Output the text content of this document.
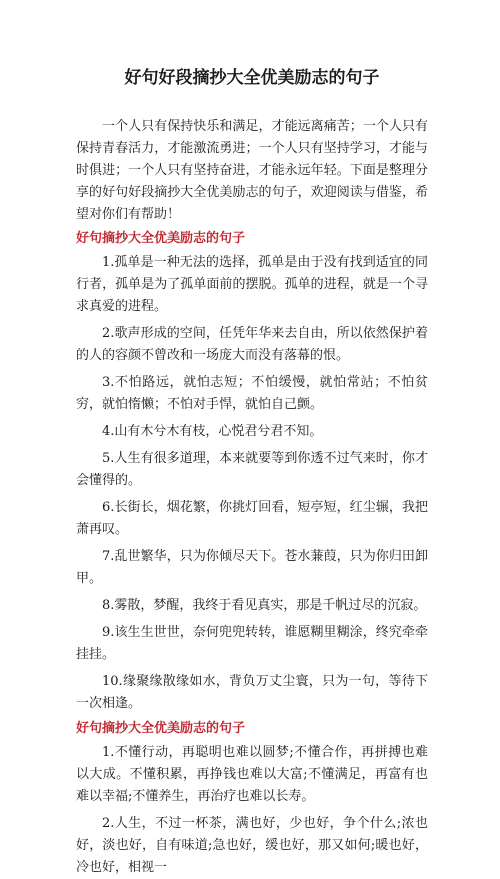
好句好段摘抄大全优美励志的句子

一个人只有保持快乐和满足，才能远离痛苦；一个人只有保持青春活力，才能激流勇进；一个人只有坚持学习，才能与时俱进；一个人只有坚持奋进，才能永远年轻。下面是整理分享的好句好段摘抄大全优美励志的句子，欢迎阅读与借鉴，希望对你们有帮助！

好句摘抄大全优美励志的句子

1.孤单是一种无法的选择，孤单是由于没有找到适宜的同行者，孤单是为了孤单面前的摆脱。孤单的进程，就是一个寻求真爱的进程。

2.歌声形成的空间，任凭年华来去自由，所以依然保护着的人的容颜不曾改和一场庞大而没有落幕的恨。

3.不怕路远，就怕志短；不怕缓慢，就怕常站；不怕贫穷，就怕惰懒；不怕对手悍，就怕自己颤。

4.山有木兮木有枝，心悦君兮君不知。

5.人生有很多道理，本来就要等到你透不过气来时，你才会懂得的。

6.长街长，烟花繁，你挑灯回看，短亭短，红尘辗，我把萧再叹。

7.乱世繁华，只为你倾尽天下。苍水蒹葭，只为你归田卸甲。

8.雾散，梦醒，我终于看见真实，那是千帆过尽的沉寂。

9.该生生世世，奈何兜兜转转，谁愿糊里糊涂，终究牵牵挂挂。

10.缘聚缘散缘如水，背负万丈尘寰，只为一句，等待下一次相逢。

好句摘抄大全优美励志的句子

1.不懂行动，再聪明也难以圆梦;不懂合作，再拼搏也难以大成。不懂积累，再挣钱也难以大富;不懂满足，再富有也难以幸福;不懂养生，再治疗也难以长寿。

2.人生，不过一杯茶，满也好，少也好，争个什么;浓也好，淡也好，自有味道;急也好，缓也好，那又如何;暖也好，冷也好，相视一
